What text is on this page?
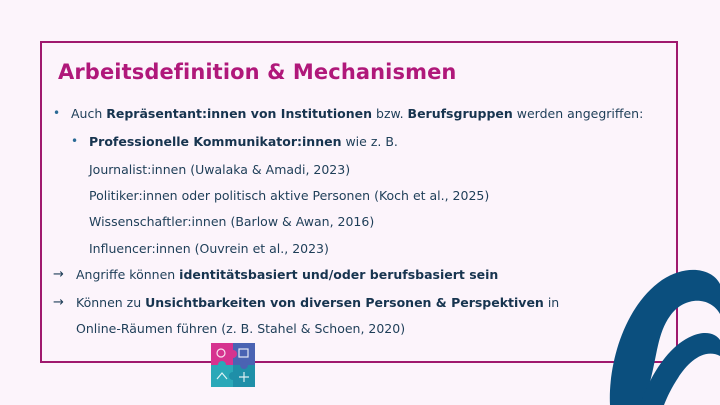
Arbeitsdefinition & Mechanismen
• Auch Repräsentant:innen von Institutionen bzw. Berufsgruppen werden angegriffen:
• Professionelle Kommunikator:innen wie z. B.
Journalist:innen (Uwalaka & Amadi, 2023)
Politiker:innen oder politisch aktive Personen (Koch et al., 2025)
Wissenschaftler:innen (Barlow & Awan, 2016)
Influencer:innen (Ouvrein et al., 2023)
→ Angriffe können identitätsbasiert und/oder berufsbasiert sein
→ Können zu Unsichtbarkeiten von diversen Personen & Perspektiven in
Online-Räumen führen (z. B. Stahel & Schoen, 2020)
